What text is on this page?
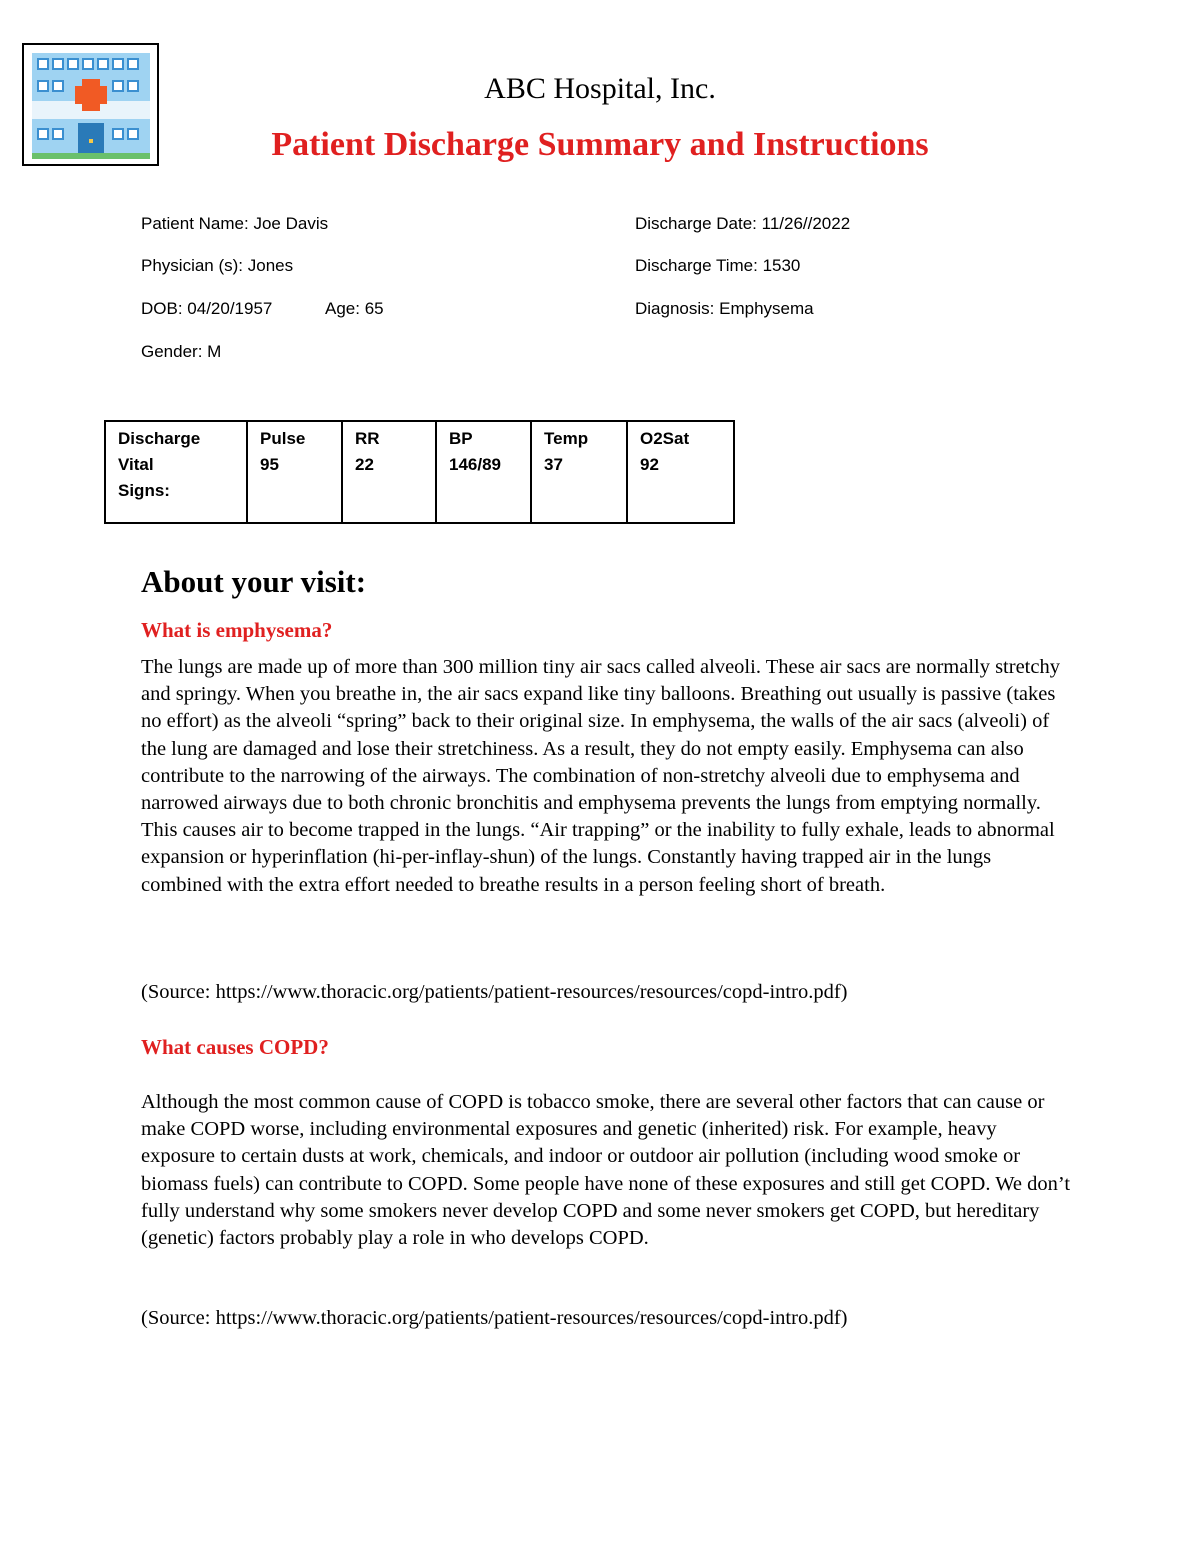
ABC Hospital, Inc.
Patient Discharge Summary and Instructions
Patient Name: Joe Davis
Physician (s): Jones
DOB: 04/20/1957	Age: 65
Gender: M
Discharge Date: 11/26//2022
Discharge Time: 1530
Diagnosis: Emphysema
Discharge
Vital
Signs:

Pulse
95

RR
22

BP
146/89

Temp
37

O2Sat
92
About your visit:
What is emphysema?
The lungs are made up of more than 300 million tiny air sacs called alveoli. These air sacs are normally stretchy and springy. When you breathe in, the air sacs expand like tiny balloons. Breathing out usually is passive (takes no effort) as the alveoli “spring” back to their original size. In emphysema, the walls of the air sacs (alveoli) of the lung are damaged and lose their stretchiness. As a result, they do not empty easily. Emphysema can also contribute to the narrowing of the airways. The combination of non-stretchy alveoli due to emphysema and narrowed airways due to both chronic bronchitis and emphysema prevents the lungs from emptying normally. This causes air to become trapped in the lungs. “Air trapping” or the inability to fully exhale, leads to abnormal expansion or hyperinflation (hi-per-inflay-shun) of the lungs. Constantly having trapped air in the lungs combined with the extra effort needed to breathe results in a person feeling short of breath.
(Source: https://www.thoracic.org/patients/patient-resources/resources/copd-intro.pdf)
What causes COPD?
Although the most common cause of COPD is tobacco smoke, there are several other factors that can cause or make COPD worse, including environmental exposures and genetic (inherited) risk. For example, heavy exposure to certain dusts at work, chemicals, and indoor or outdoor air pollution (including wood smoke or biomass fuels) can contribute to COPD. Some people have none of these exposures and still get COPD. We don’t fully understand why some smokers never develop COPD and some never smokers get COPD, but hereditary (genetic) factors probably play a role in who develops COPD.
(Source: https://www.thoracic.org/patients/patient-resources/resources/copd-intro.pdf)
